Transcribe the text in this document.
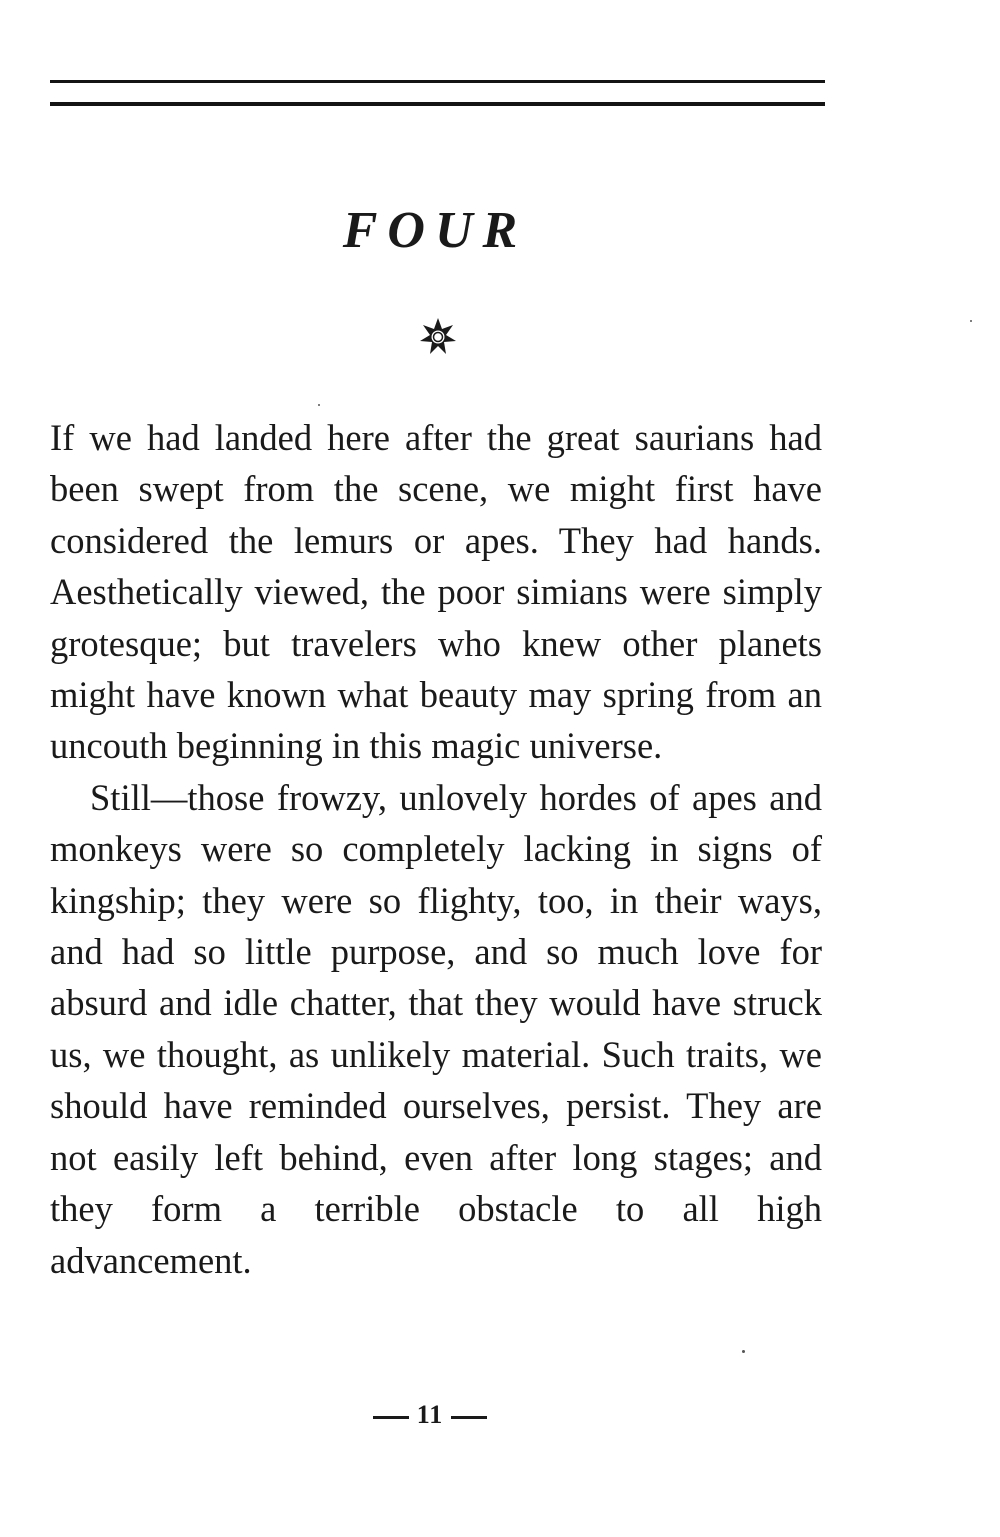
FOUR

If we had landed here after the great saurians had been swept from the scene, we might first have considered the lemurs or apes. They had hands. Aesthetically viewed, the poor simians were simply grotesque; but travelers who knew other planets might have known what beauty may spring from an uncouth beginning in this magic universe.

Still—those frowzy, unlovely hordes of apes and monkeys were so completely lacking in signs of kingship; they were so flighty, too, in their ways, and had so little purpose, and so much love for absurd and idle chatter, that they would have struck us, we thought, as unlikely material. Such traits, we should have reminded ourselves, persist. They are not easily left behind, even after long stages; and they form a terrible obstacle to all high advancement.

11
